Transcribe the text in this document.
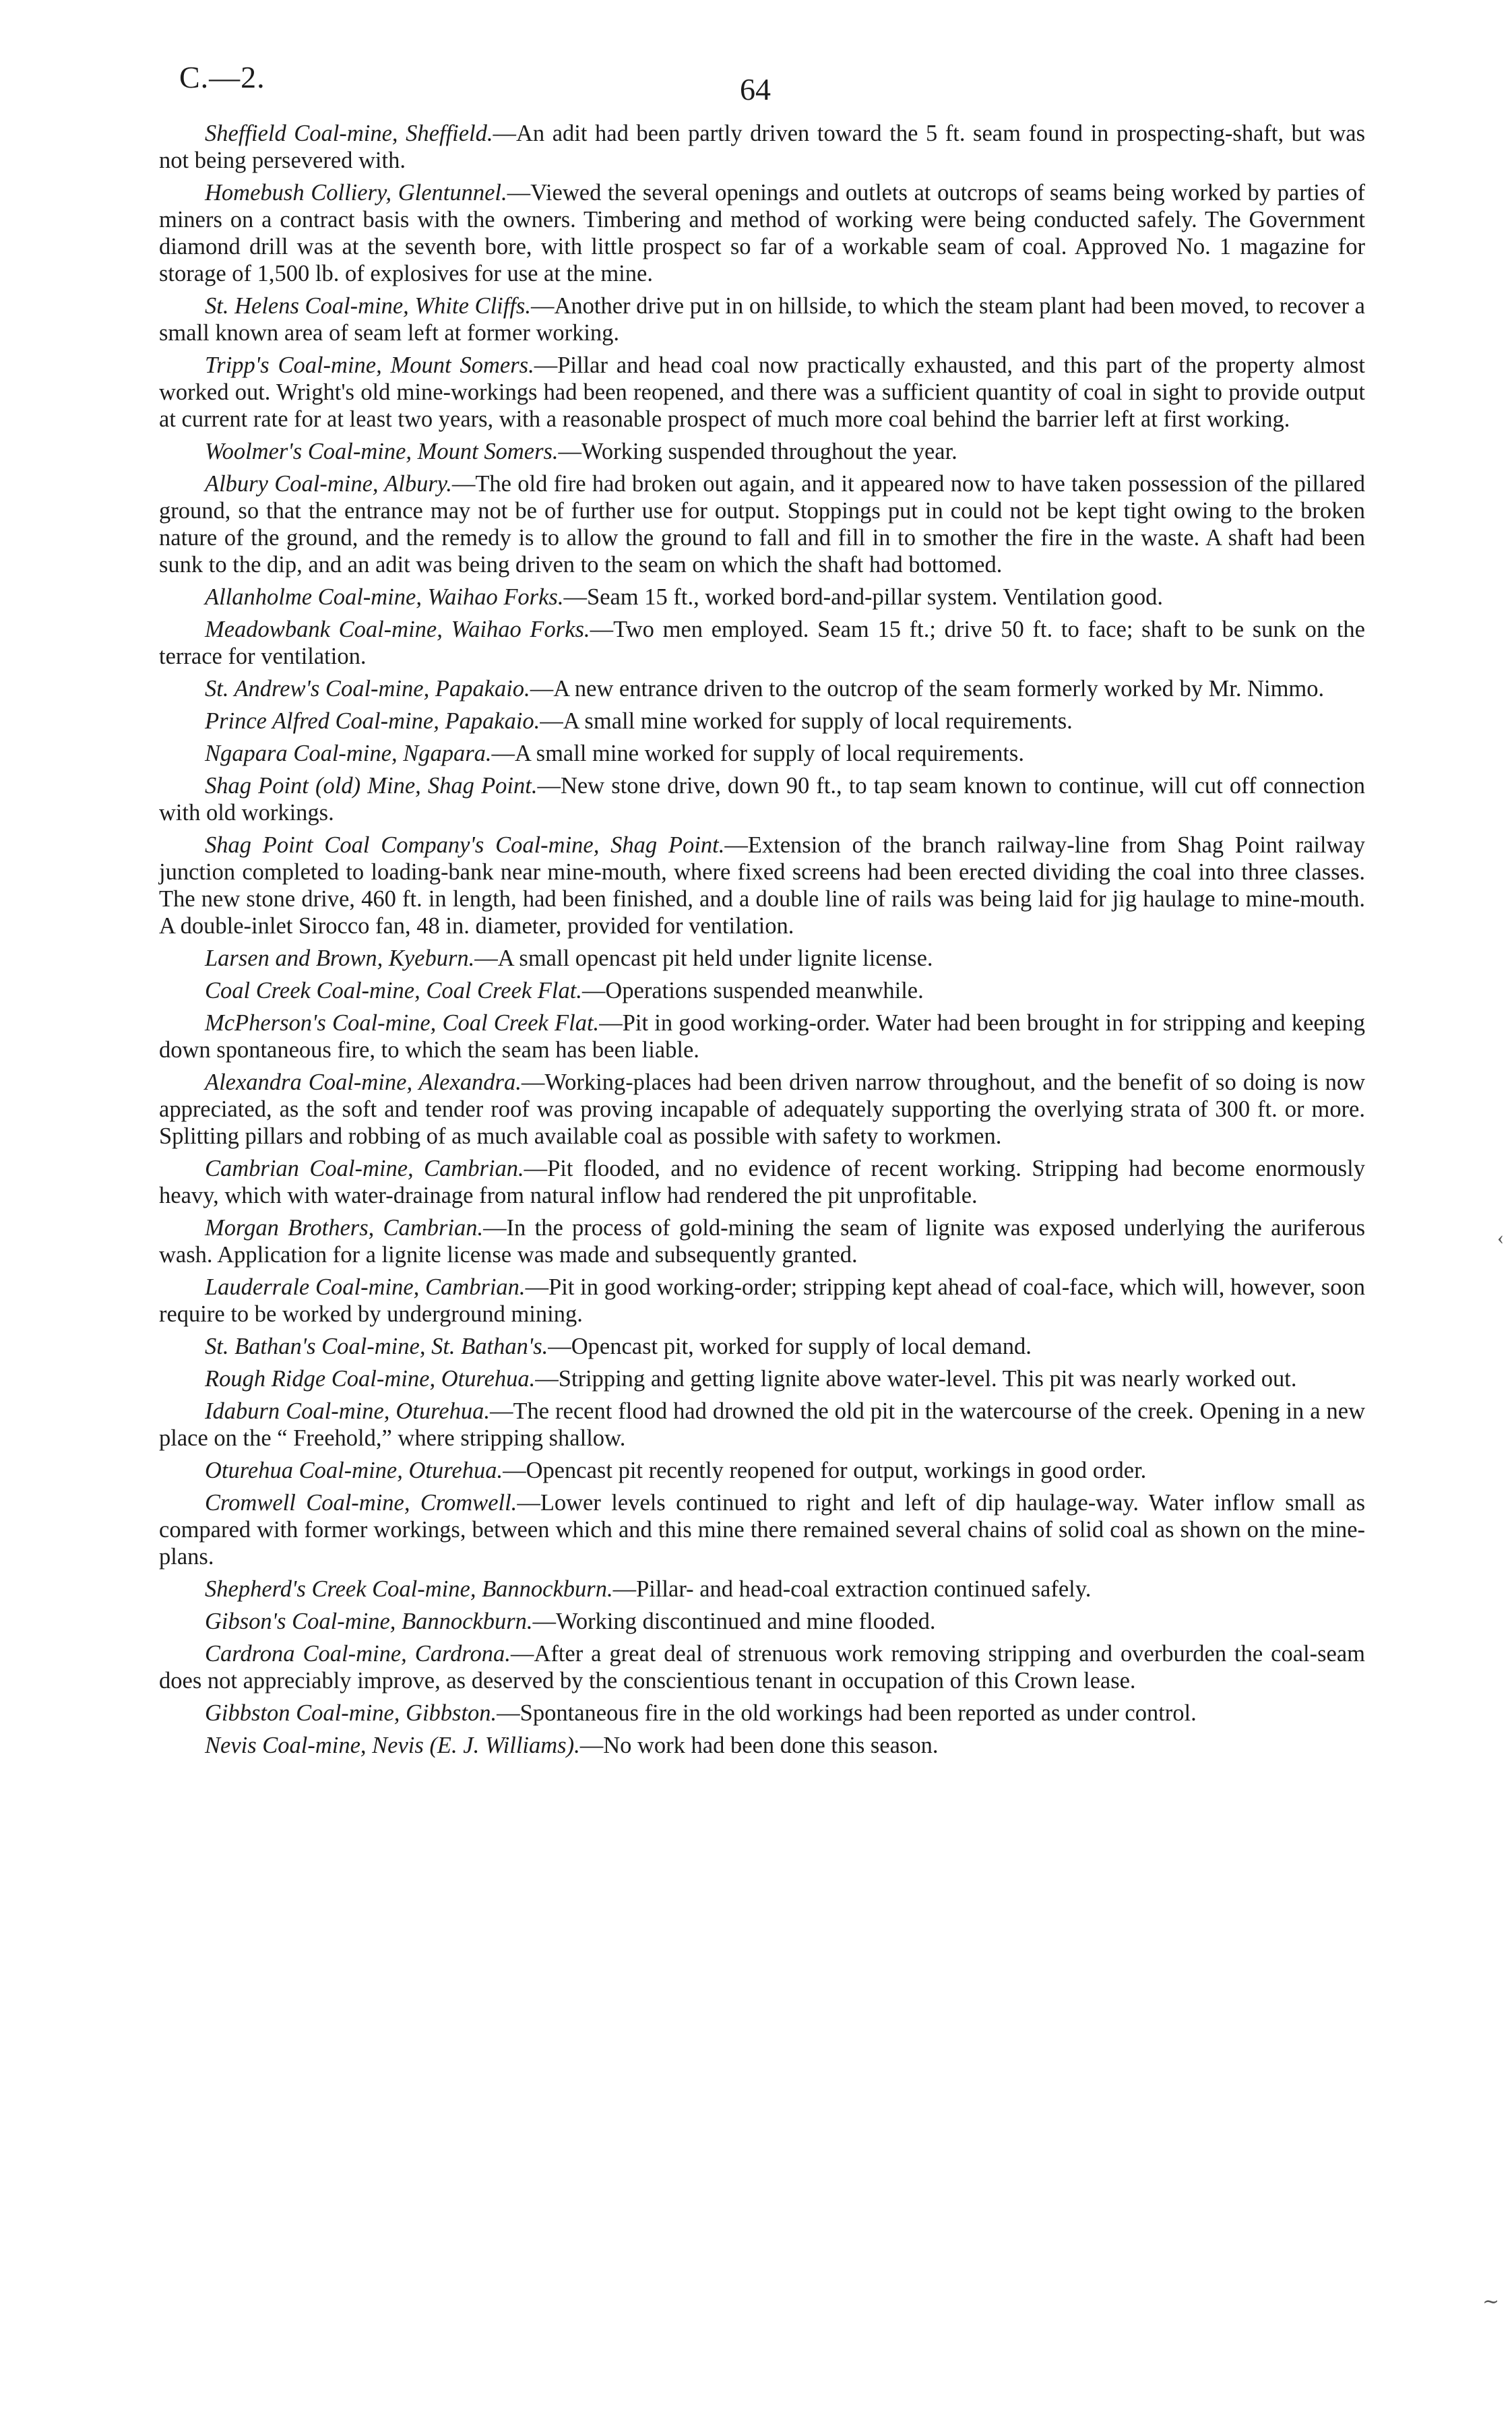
C.—2.	64

Sheffield Coal-mine, Sheffield.—An adit had been partly driven toward the 5 ft. seam found in prospecting-shaft, but was not being persevered with.

Homebush Colliery, Glentunnel.—Viewed the several openings and outlets at outcrops of seams being worked by parties of miners on a contract basis with the owners. Timbering and method of working were being conducted safely. The Government diamond drill was at the seventh bore, with little prospect so far of a workable seam of coal. Approved No. 1 magazine for storage of 1,500 lb. of explosives for use at the mine.

St. Helens Coal-mine, White Cliffs.—Another drive put in on hillside, to which the steam plant had been moved, to recover a small known area of seam left at former working.

Tripp's Coal-mine, Mount Somers.—Pillar and head coal now practically exhausted, and this part of the property almost worked out. Wright's old mine-workings had been reopened, and there was a sufficient quantity of coal in sight to provide output at current rate for at least two years, with a reasonable prospect of much more coal behind the barrier left at first working.

Woolmer's Coal-mine, Mount Somers.—Working suspended throughout the year.

Albury Coal-mine, Albury.—The old fire had broken out again, and it appeared now to have taken possession of the pillared ground, so that the entrance may not be of further use for output. Stoppings put in could not be kept tight owing to the broken nature of the ground, and the remedy is to allow the ground to fall and fill in to smother the fire in the waste. A shaft had been sunk to the dip, and an adit was being driven to the seam on which the shaft had bottomed.

Allanholme Coal-mine, Waihao Forks.—Seam 15 ft., worked bord-and-pillar system. Ventilation good.

Meadowbank Coal-mine, Waihao Forks.—Two men employed. Seam 15 ft.; drive 50 ft. to face; shaft to be sunk on the terrace for ventilation.

St. Andrew's Coal-mine, Papakaio.—A new entrance driven to the outcrop of the seam formerly worked by Mr. Nimmo.

Prince Alfred Coal-mine, Papakaio.—A small mine worked for supply of local requirements.

Ngapara Coal-mine, Ngapara.—A small mine worked for supply of local requirements.

Shag Point (old) Mine, Shag Point.—New stone drive, down 90 ft., to tap seam known to continue, will cut off connection with old workings.

Shag Point Coal Company's Coal-mine, Shag Point.—Extension of the branch railway-line from Shag Point railway junction completed to loading-bank near mine-mouth, where fixed screens had been erected dividing the coal into three classes. The new stone drive, 460 ft. in length, had been finished, and a double line of rails was being laid for jig haulage to mine-mouth. A double-inlet Sirocco fan, 48 in. diameter, provided for ventilation.

Larsen and Brown, Kyeburn.—A small opencast pit held under lignite license.

Coal Creek Coal-mine, Coal Creek Flat.—Operations suspended meanwhile.

McPherson's Coal-mine, Coal Creek Flat.—Pit in good working-order. Water had been brought in for stripping and keeping down spontaneous fire, to which the seam has been liable.

Alexandra Coal-mine, Alexandra.—Working-places had been driven narrow throughout, and the benefit of so doing is now appreciated, as the soft and tender roof was proving incapable of adequately supporting the overlying strata of 300 ft. or more. Splitting pillars and robbing of as much available coal as possible with safety to workmen.

Cambrian Coal-mine, Cambrian.—Pit flooded, and no evidence of recent working. Stripping had become enormously heavy, which with water-drainage from natural inflow had rendered the pit unprofitable.

Morgan Brothers, Cambrian.—In the process of gold-mining the seam of lignite was exposed underlying the auriferous wash. Application for a lignite license was made and subsequently granted.

Lauderrale Coal-mine, Cambrian.—Pit in good working-order; stripping kept ahead of coal-face, which will, however, soon require to be worked by underground mining.

St. Bathan's Coal-mine, St. Bathan's.—Opencast pit, worked for supply of local demand.

Rough Ridge Coal-mine, Oturehua.—Stripping and getting lignite above water-level. This pit was nearly worked out.

Idaburn Coal-mine, Oturehua.—The recent flood had drowned the old pit in the watercourse of the creek. Opening in a new place on the “ Freehold,” where stripping shallow.

Oturehua Coal-mine, Oturehua.—Opencast pit recently reopened for output, workings in good order.

Cromwell Coal-mine, Cromwell.—Lower levels continued to right and left of dip haulage-way. Water inflow small as compared with former workings, between which and this mine there remained several chains of solid coal as shown on the mine-plans.

Shepherd's Creek Coal-mine, Bannockburn.—Pillar- and head-coal extraction continued safely.

Gibson's Coal-mine, Bannockburn.—Working discontinued and mine flooded.

Cardrona Coal-mine, Cardrona.—After a great deal of strenuous work removing stripping and overburden the coal-seam does not appreciably improve, as deserved by the conscientious tenant in occupation of this Crown lease.

Gibbston Coal-mine, Gibbston.—Spontaneous fire in the old workings had been reported as under control.

Nevis Coal-mine, Nevis (E. J. Williams).—No work had been done this season.

‹
∼
